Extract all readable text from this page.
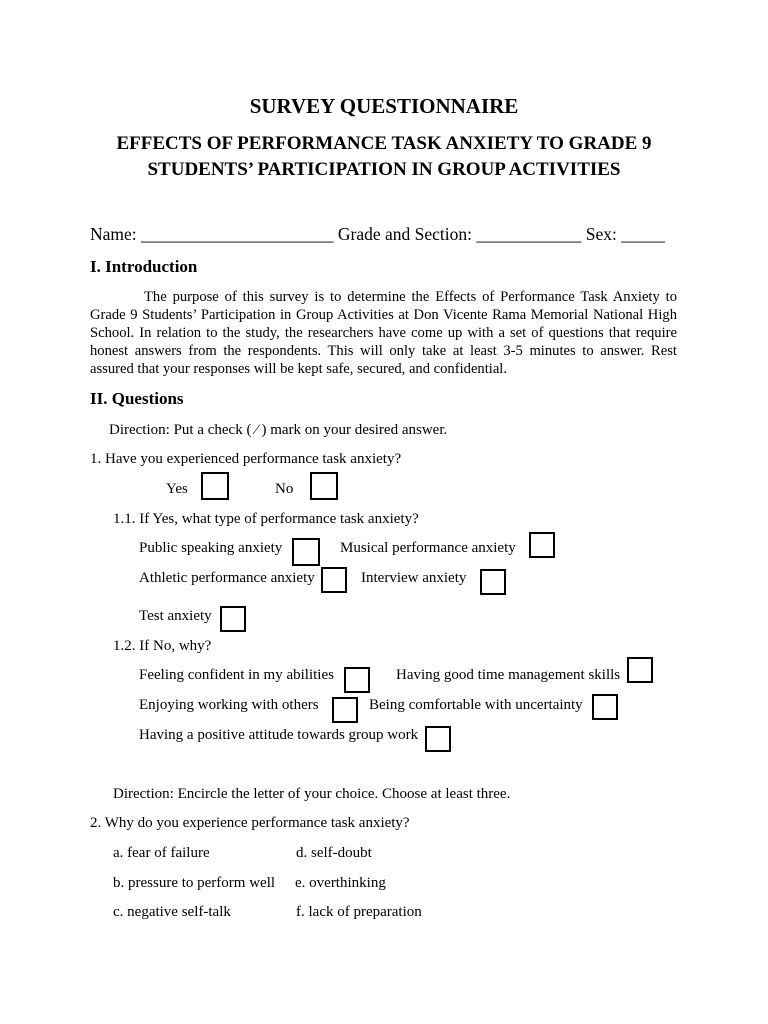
SURVEY QUESTIONNAIRE
EFFECTS OF PERFORMANCE TASK ANXIETY TO GRADE 9
STUDENTS’ PARTICIPATION IN GROUP ACTIVITIES
Name: ______________________ Grade and Section: ____________ Sex: _____
I. Introduction
The purpose of this survey is to determine the Effects of Performance Task Anxiety to Grade 9 Students’ Participation in Group Activities at Don Vicente Rama Memorial National High School. In relation to the study, the researchers have come up with a set of questions that require honest answers from the respondents. This will only take at least 3-5 minutes to answer. Rest assured that your responses will be kept safe, secured, and confidential.
II. Questions
Direction: Put a check ( ⁄ ) mark on your desired answer.
1. Have you experienced performance task anxiety?
Yes	No
1.1. If Yes, what type of performance task anxiety?
Public speaking anxiety	Musical performance anxiety
Athletic performance anxiety	Interview anxiety
Test anxiety
1.2. If No, why?
Feeling confident in my abilities	Having good time management skills
Enjoying working with others	Being comfortable with uncertainty
Having a positive attitude towards group work
Direction: Encircle the letter of your choice. Choose at least three.
2. Why do you experience performance task anxiety?
a. fear of failure
b. pressure to perform well
c. negative self-talk
d. self-doubt
e. overthinking
f. lack of preparation
